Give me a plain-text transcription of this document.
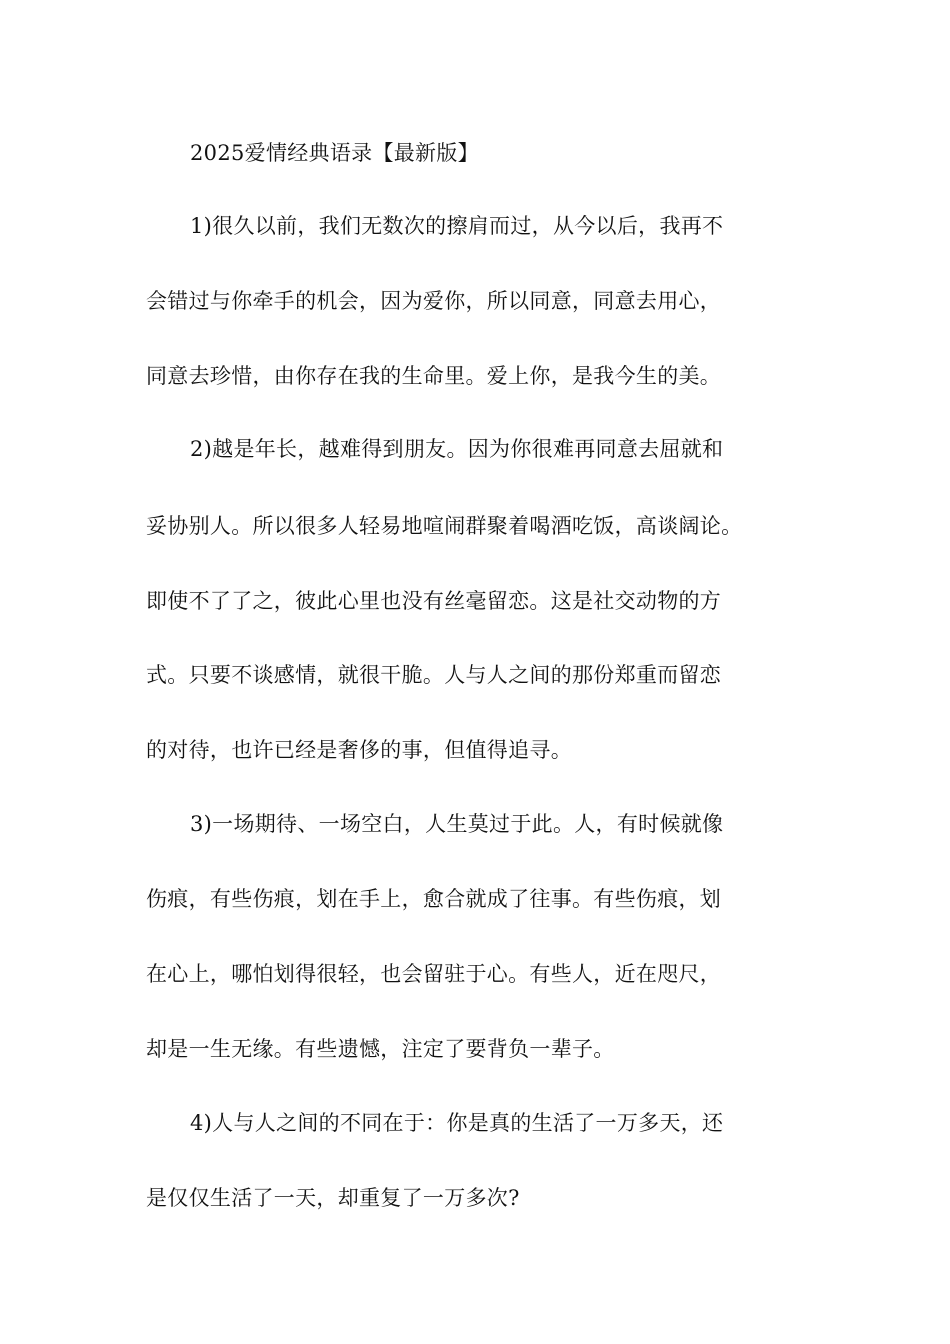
2025爱情经典语录【最新版】
1)很久以前，我们无数次的擦肩而过，从今以后，我再不
会错过与你牵手的机会，因为爱你，所以同意，同意去用心，
同意去珍惜，由你存在我的生命里。爱上你，是我今生的美。
2)越是年长，越难得到朋友。因为你很难再同意去屈就和
妥协别人。所以很多人轻易地喧闹群聚着喝酒吃饭，高谈阔论。
即使不了了之，彼此心里也没有丝毫留恋。这是社交动物的方
式。只要不谈感情，就很干脆。人与人之间的那份郑重而留恋
的对待，也许已经是奢侈的事，但值得追寻。
3)一场期待、一场空白，人生莫过于此。人，有时候就像
伤痕，有些伤痕，划在手上，愈合就成了往事。有些伤痕，划
在心上，哪怕划得很轻，也会留驻于心。有些人，近在咫尺，
却是一生无缘。有些遗憾，注定了要背负一辈子。
4)人与人之间的不同在于：你是真的生活了一万多天，还
是仅仅生活了一天，却重复了一万多次?
